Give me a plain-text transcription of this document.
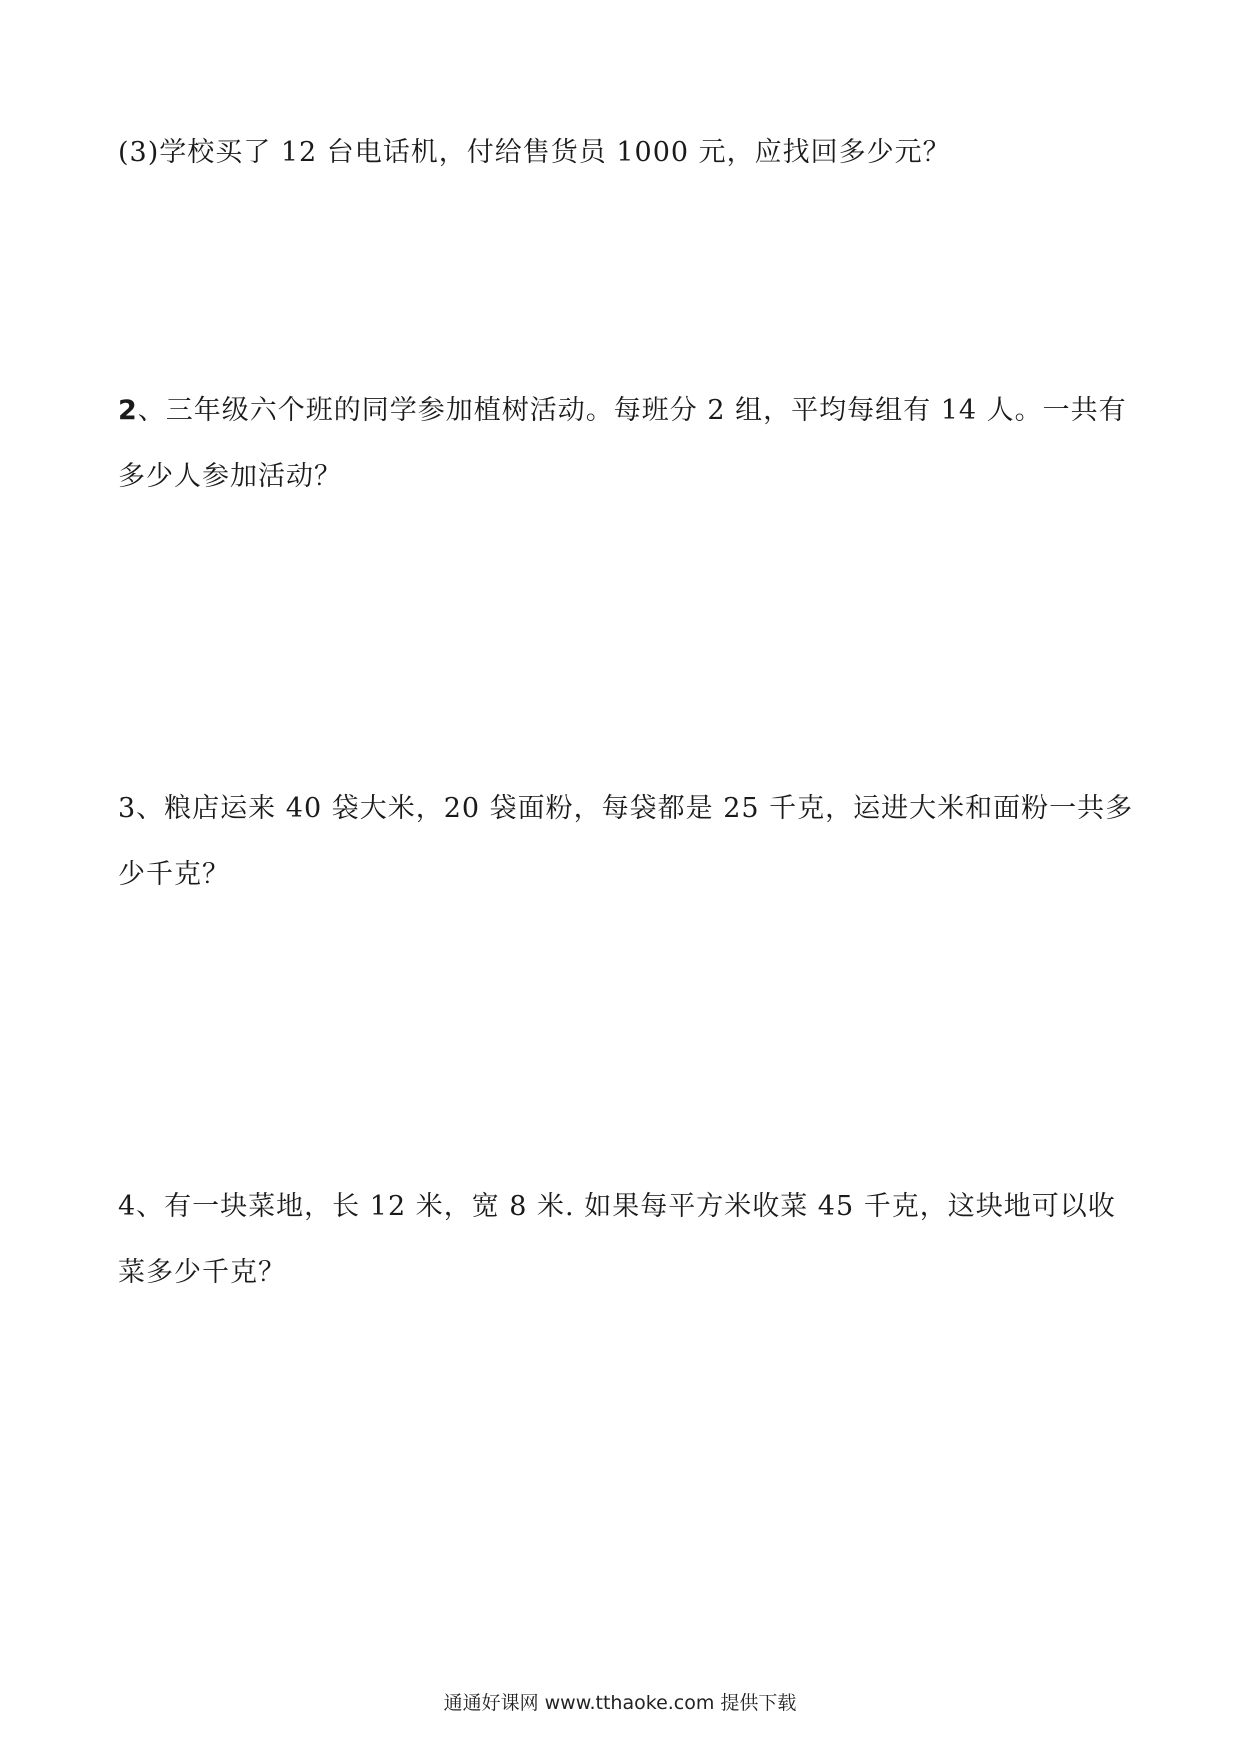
(3)学校买了 12 台电话机，付给售货员 1000 元，应找回多少元？

2、三年级六个班的同学参加植树活动。每班分 2 组，平均每组有 14 人。一共有多少人参加活动？

3、粮店运来 40 袋大米，20 袋面粉，每袋都是 25 千克，运进大米和面粉一共多少千克？

4、有一块菜地，长 12 米，宽 8 米. 如果每平方米收菜 45 千克，这块地可以收菜多少千克？

通通好课网 www.tthaoke.com 提供下载
